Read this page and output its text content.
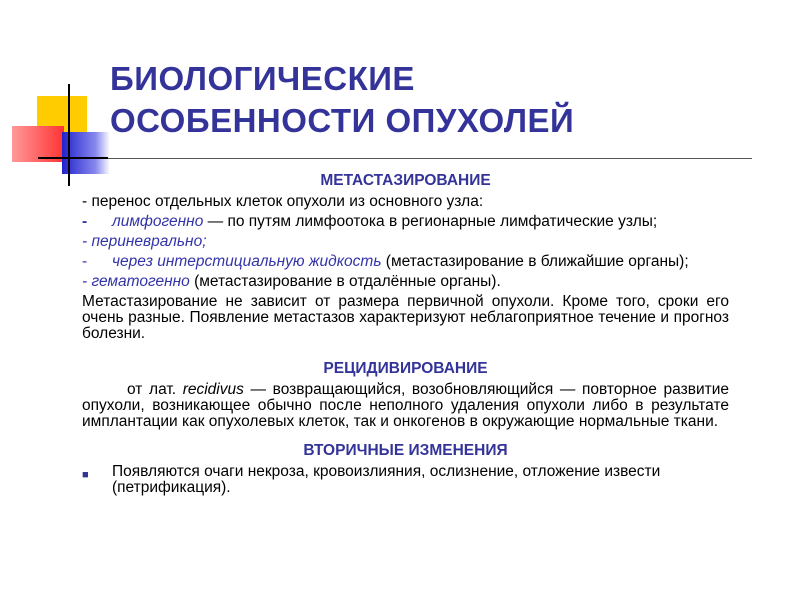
БИОЛОГИЧЕСКИЕ
ОСОБЕННОСТИ ОПУХОЛЕЙ
МЕТАСТАЗИРОВАНИЕ
- перенос отдельных клеток опухоли из основного узла:
-	лимфогенно — по путям лимфоотока в регионарные лимфатические узлы;
- периневрально;
-	через интерстициальную жидкость (метастазирование в ближайшие органы);
- гематогенно (метастазирование в отдалённые органы).
Метастазирование не зависит от размера первичной опухоли. Кроме того, сроки его очень разные. Появление метастазов характеризуют неблагоприятное течение и прогноз болезни.
РЕЦИДИВИРОВАНИЕ
от лат. recidivus — возвращающийся, возобновляющийся — повторное развитие опухоли, возникающее обычно после неполного удаления опухоли либо в результате имплантации как опухолевых клеток, так и онкогенов в окружающие нормальные ткани.
ВТОРИЧНЫЕ ИЗМЕНЕНИЯ
■	Появляются очаги некроза, кровоизлияния, ослизнение, отложение извести (петрификация).
